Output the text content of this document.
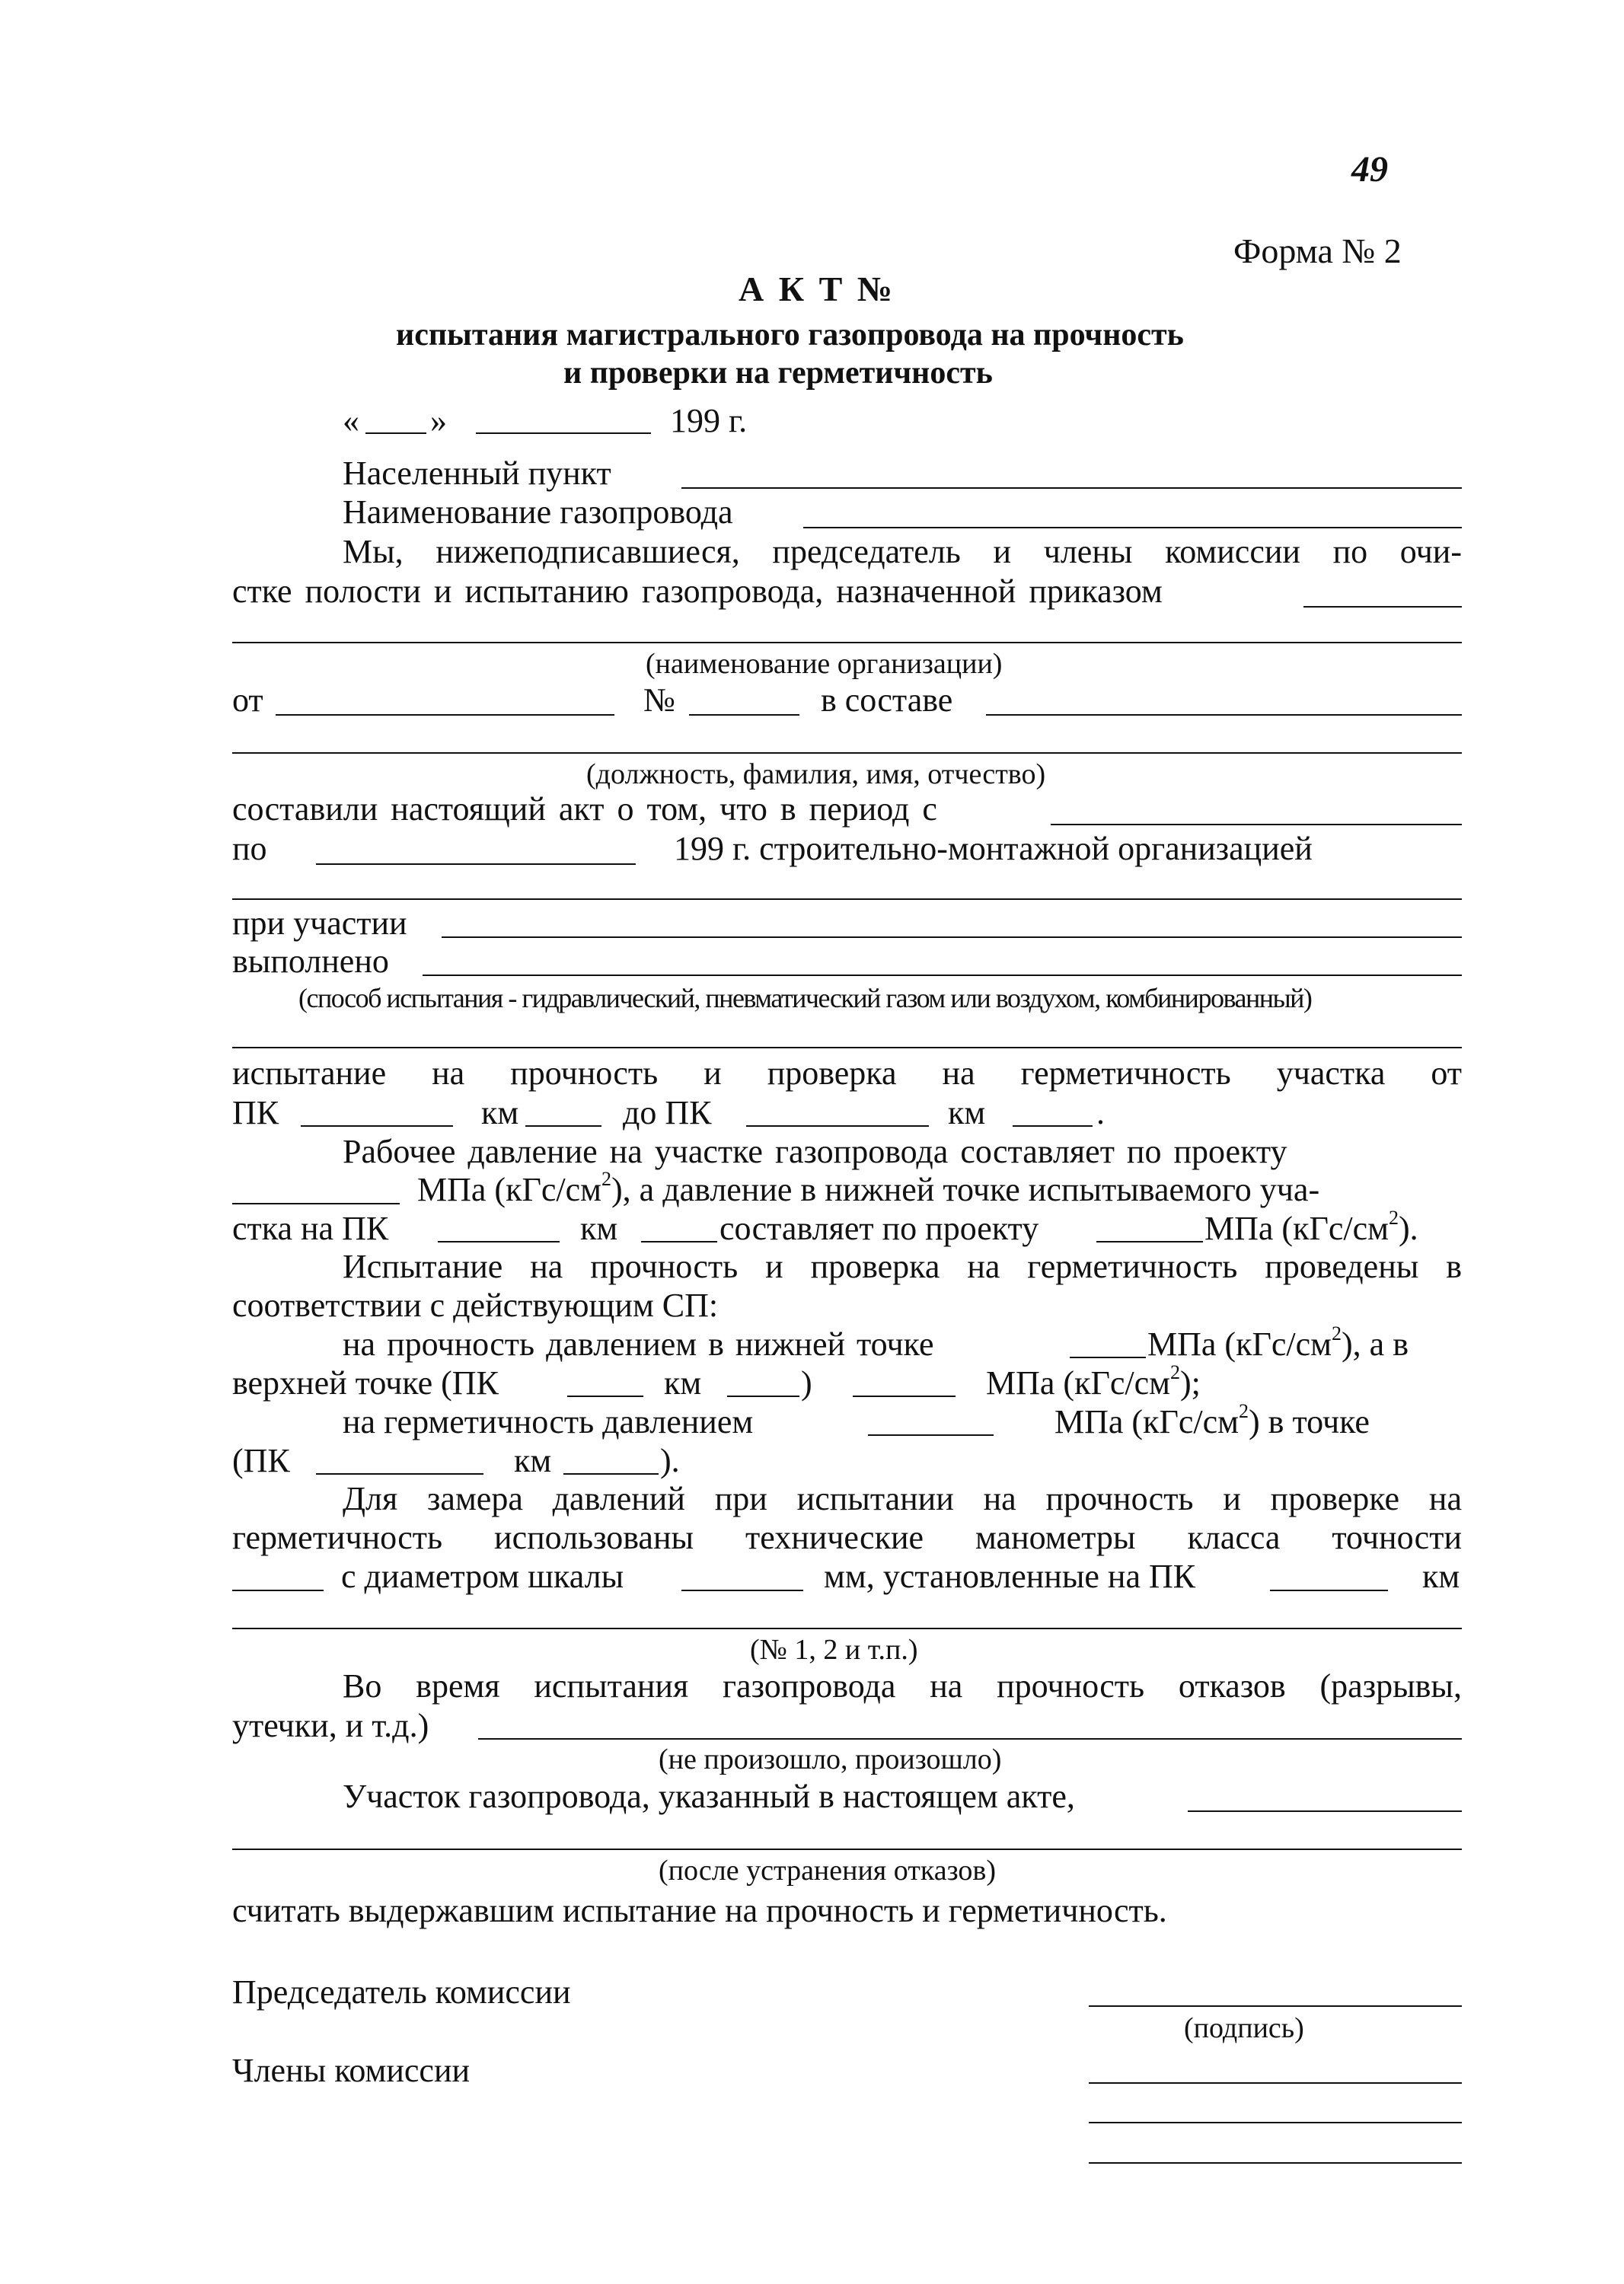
49
Форма № 2
А К Т №
испытания магистрального газопровода на прочность
и проверки на герметичность
« »	199 г.
Населенный пункт
Наименование газопровода
Мы, нижеподписавшиеся, председатель и члены комиссии по очи-
стке полости и испытанию газопровода, назначенной приказом
(наименование организации)
от	№	в составе
(должность, фамилия, имя, отчество)
составили настоящий акт о том, что в период с
по	199 г. строительно-монтажной организацией
при участии
выполнено
(способ испытания - гидравлический, пневматический газом или воздухом, комбинированный)
испытание на прочность и проверка на герметичность участка от
ПК	км	до ПК	км	.
Рабочее давление на участке газопровода составляет по проекту
МПа $(кГс/см^2)$, а давление в нижней точке испытываемого уча-
стка на ПК	км	составляет по проекту	МПа $(кГс/см^2)$.
Испытание на прочность и проверка на герметичность проведены в
соответствии с действующим СП:
на прочность давлением в нижней точке	МПа $(кГс/см^2)$, а в
верхней точке (ПК	км	)	МПа $(кГс/см^2)$;
на герметичность давлением	МПа $(кГс/см^2)$ в точке
(ПК	км	).
Для замера давлений при испытании на прочность и проверке на
герметичность использованы технические манометры класса точности
с диаметром шкалы	мм, установленные на ПК	км
(№ 1, 2 и т.п.)
Во время испытания газопровода на прочность отказов (разрывы,
утечки, и т.д.)
(не произошло, произошло)
Участок газопровода, указанный в настоящем акте,
(после устранения отказов)
считать выдержавшим испытание на прочность и герметичность.
Председатель комиссии
(подпись)
Члены комиссии
